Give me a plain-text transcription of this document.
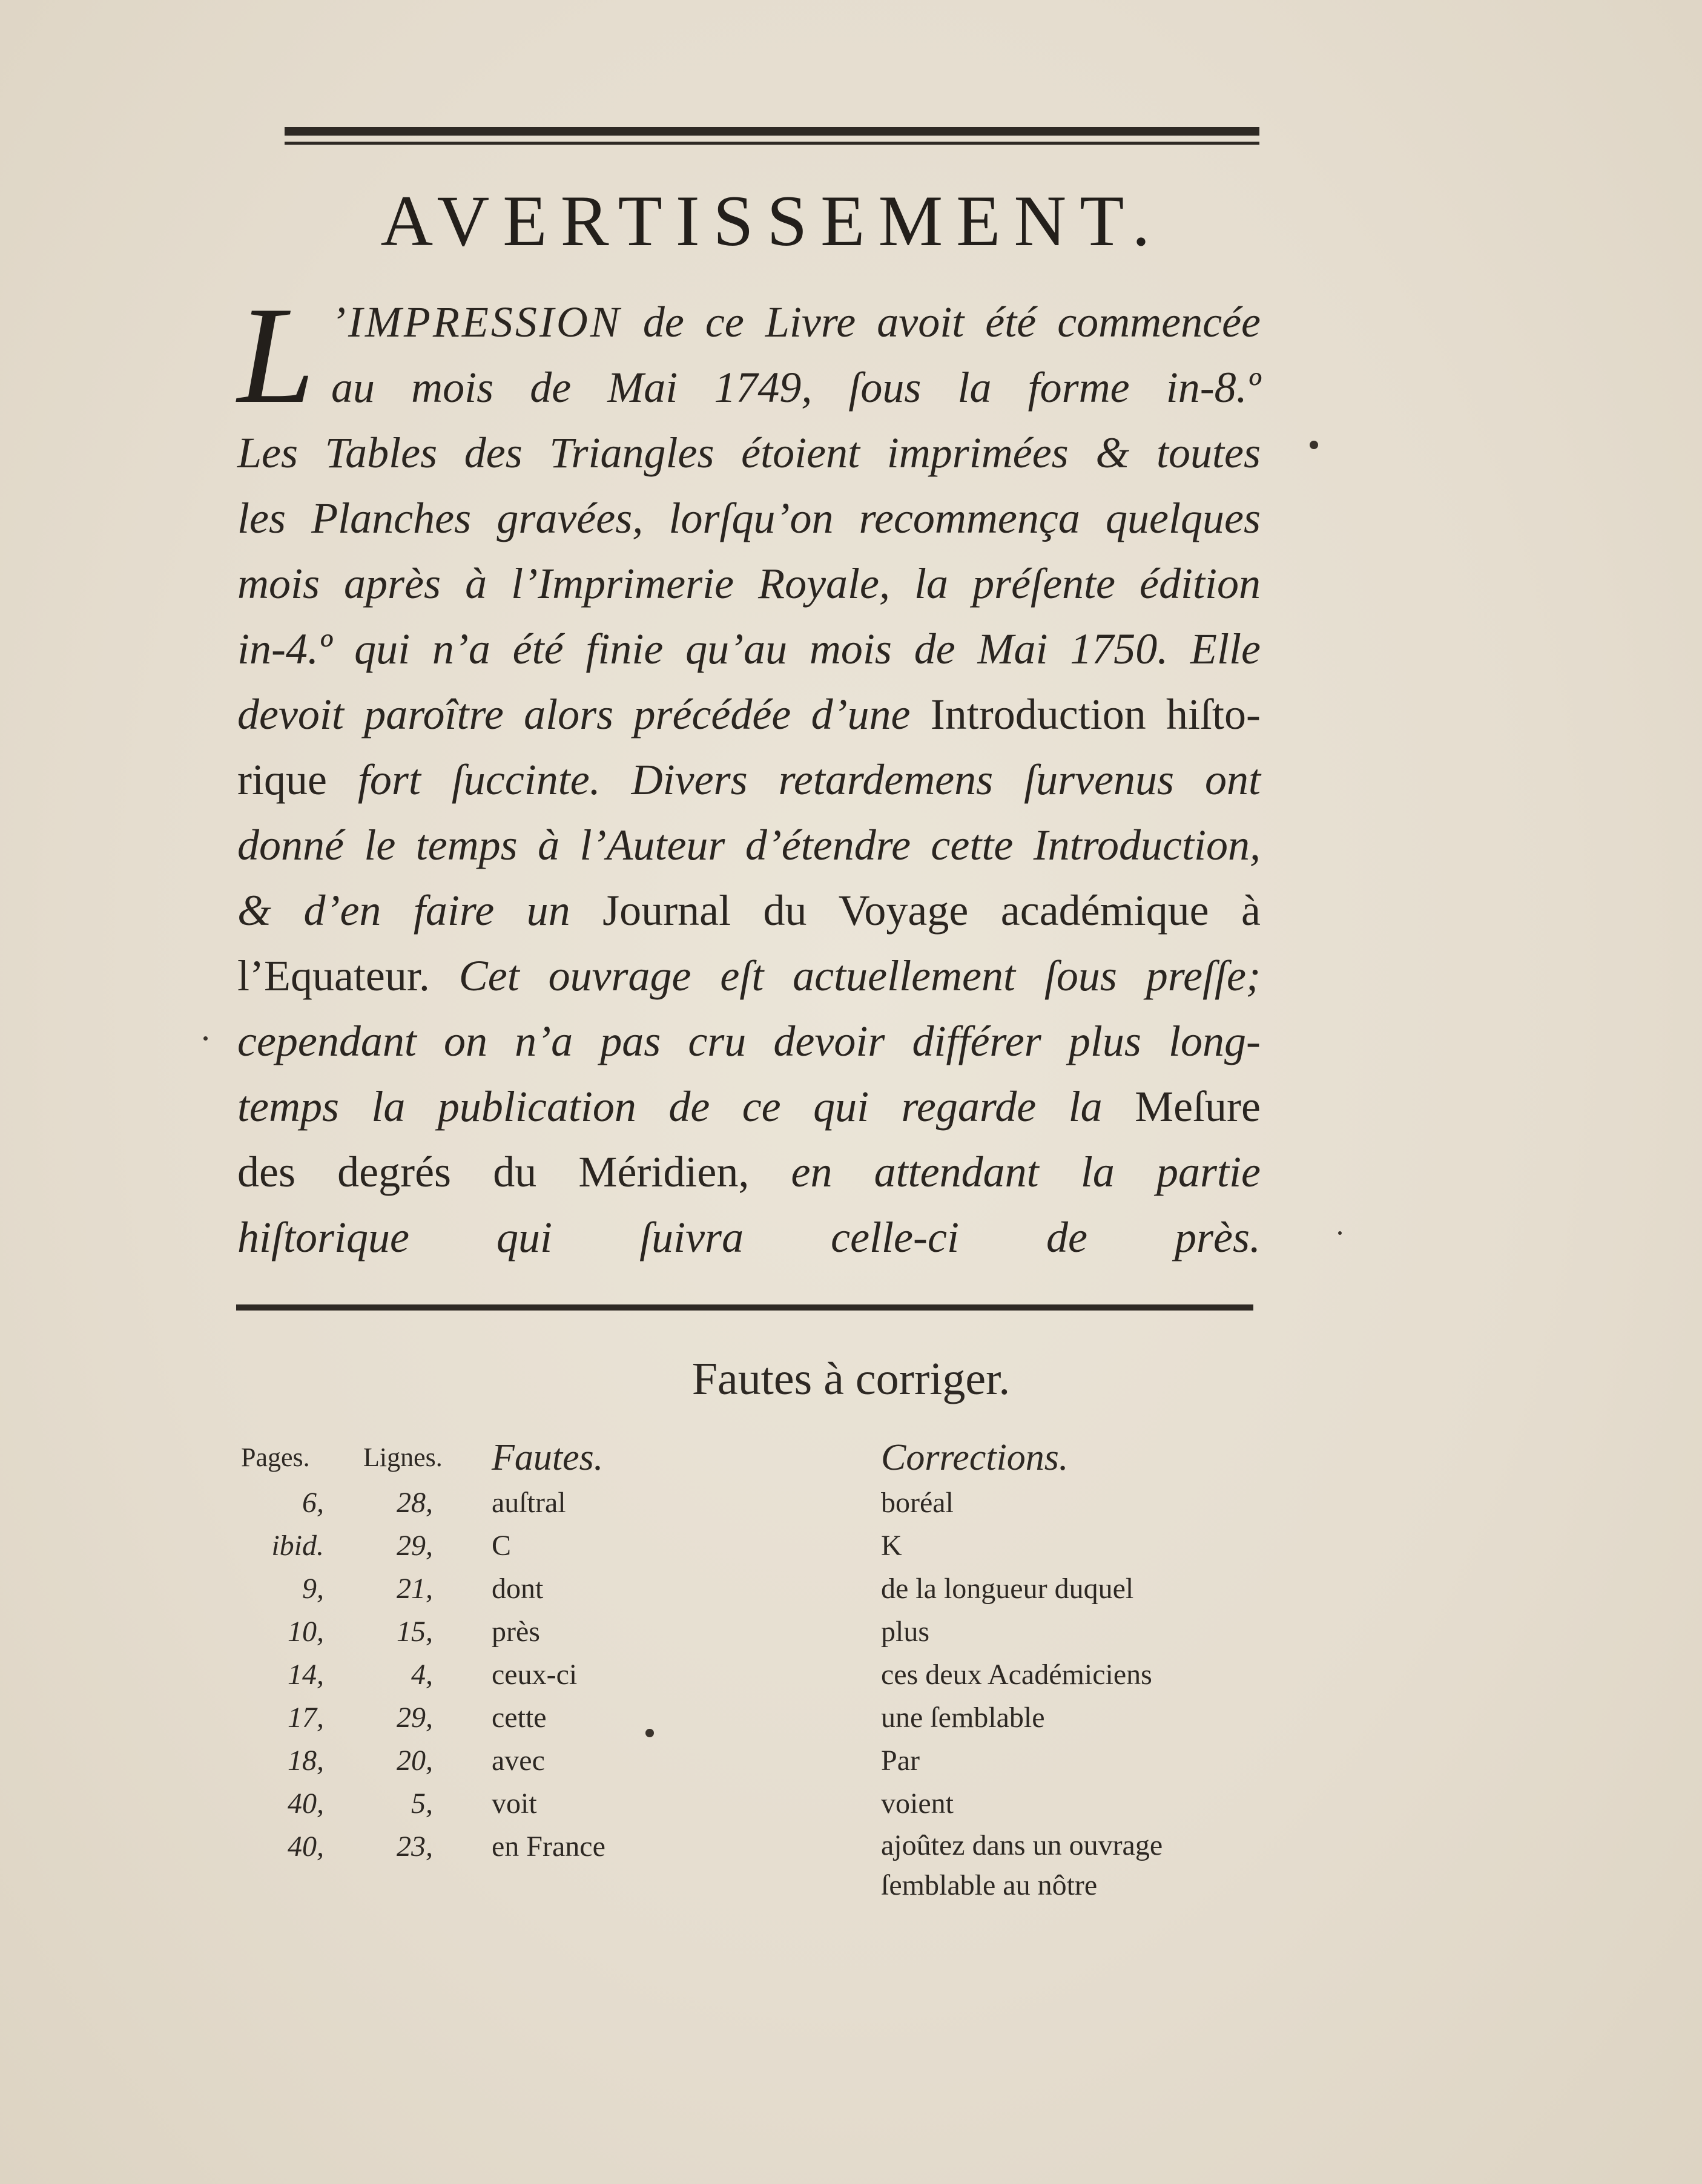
AVERTISSEMENT.
L ’IMPRESSION de ce Livre avoit été commencée
au mois de Mai 1749, ſous la forme in-8.º
Les Tables des Triangles étoient imprimées & toutes
les Planches gravées, lorſqu’on recommença quelques
mois après à l’Imprimerie Royale, la préſente édition
in-4.º qui n’a été finie qu’au mois de Mai 1750. Elle
devoit paroître alors précédée d’une Introduction hiſto-
rique fort ſuccinte. Divers retardemens ſurvenus ont
donné le temps à l’Auteur d’étendre cette Introduction,
& d’en faire un Journal du Voyage académique à
l’Equateur. Cet ouvrage eſt actuellement ſous preſſe;
cependant on n’a pas cru devoir différer plus long-
temps la publication de ce qui regarde la Meſure
des degrés du Méridien, en attendant la partie
hiſtorique qui ſuivra celle-ci de près.
Fautes à corriger.
Pages.	Lignes. Fautes.	Corrections.
6,	28, auſtral	boréal
ibid.	29, C	K
9,	21, dont	de la longueur duquel
10,	15, près	plus
14,	4, ceux-ci	ces deux Académiciens
17,	29, cette	une ſemblable
18,	20, avec	Par
40,	5, voit	voient
40,	23, en France	ajoûtez dans un ouvrage ſemblable au nôtre
